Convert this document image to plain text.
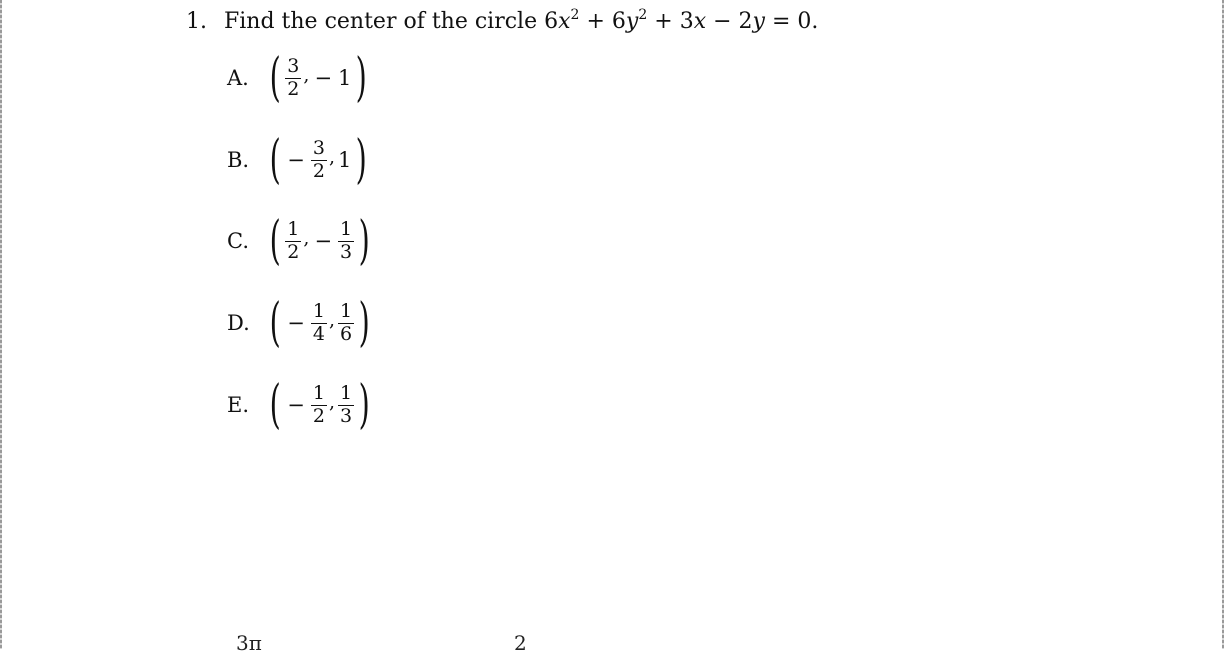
1. Find the center of the circle $6x^2 + 6y^2 + 3x - 2y = 0$.
A. ( $\frac{3}{2}$ , − 1 )
B. ( − $\frac{3}{2}$ , 1 )
C. ( $\frac{1}{2}$ , − $\frac{1}{3}$ )
D. ( − $\frac{1}{4}$ , $\frac{1}{6}$ )
E. ( − $\frac{1}{2}$ , $\frac{1}{3}$ )
3π	2
